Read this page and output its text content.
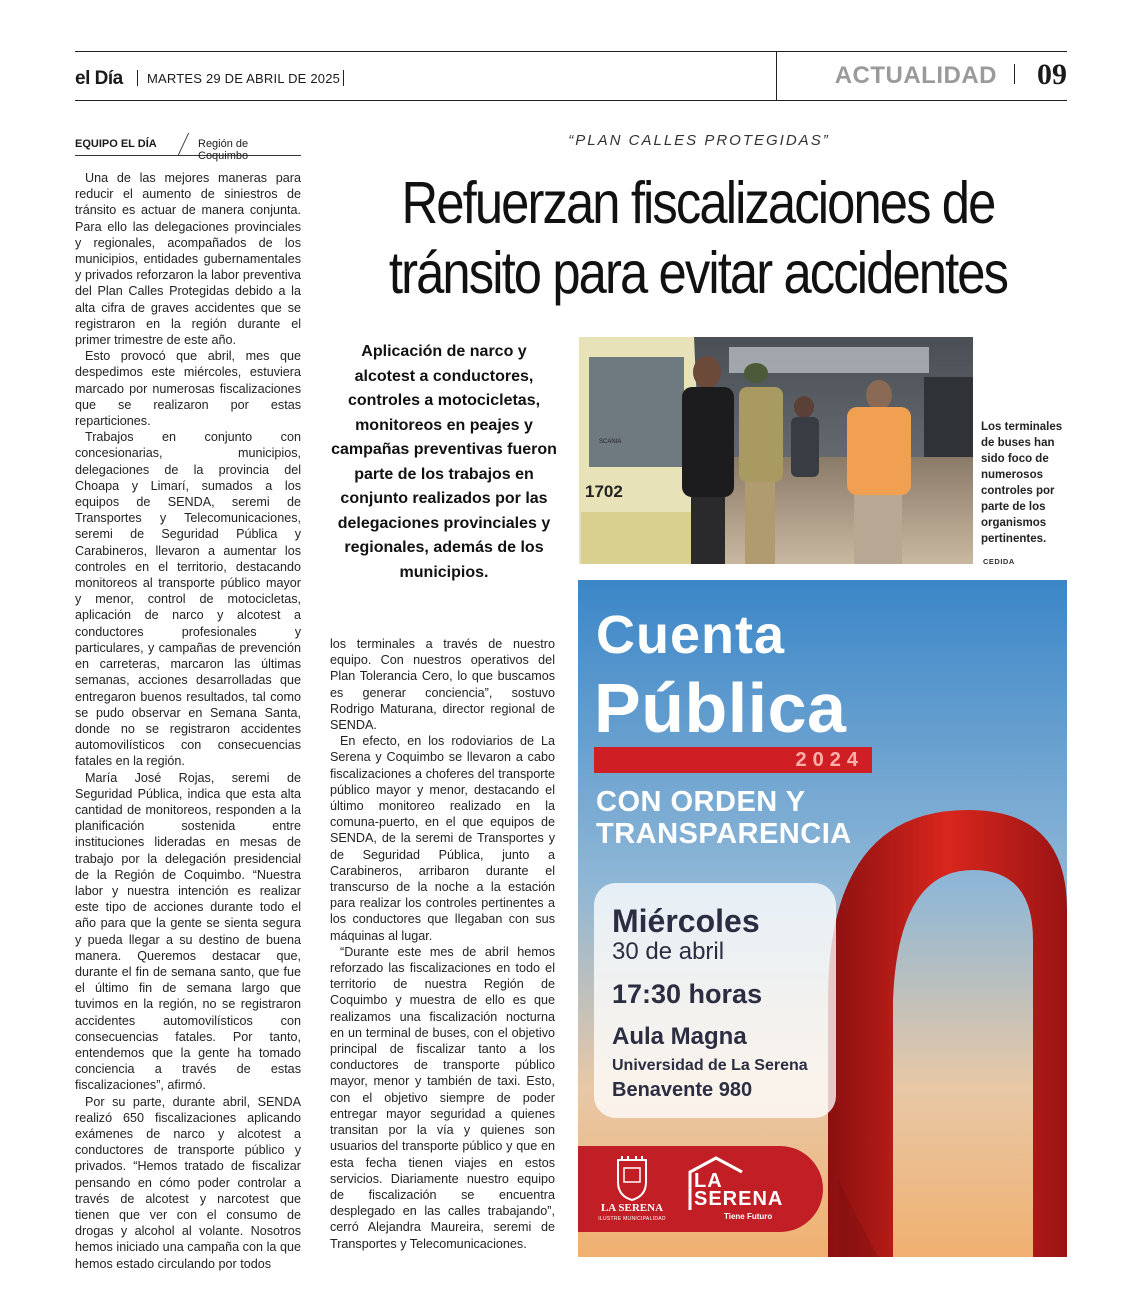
el Día MARTES 29 DE ABRIL DE 2025	ACTUALIDAD 09
EQUIPO EL DÍA	Región de Coquimbo
“PLAN CALLES PROTEGIDAS”
Refuerzan fiscalizaciones de
tránsito para evitar accidentes

Una de las mejores maneras para reducir el aumento de siniestros de tránsito es actuar de manera conjunta. Para ello las delegaciones provinciales y regionales, acompañados de los municipios, entidades gubernamentales y privados reforzaron la labor preventiva del Plan Calles Protegidas debido a la alta cifra de graves accidentes que se registraron en la región durante el primer trimestre de este año.

Esto provocó que abril, mes que despedimos este miércoles, estuviera marcado por numerosas fiscalizaciones que se realizaron por estas reparticiones.

Trabajos en conjunto con concesionarias, municipios, delegaciones de la provincia del Choapa y Limarí, sumados a los equipos de SENDA, seremi de Transportes y Telecomunicaciones, seremi de Seguridad Pública y Carabineros, llevaron a aumentar los controles en el territorio, destacando monitoreos al transporte público mayor y menor, control de motocicletas, aplicación de narco y alcotest a conductores profesionales y particulares, y campañas de prevención en carreteras, marcaron las últimas semanas, acciones desarrolladas que entregaron buenos resultados, tal como se pudo observar en Semana Santa, donde no se registraron accidentes automovilísticos con consecuencias fatales en la región.

María José Rojas, seremi de Seguridad Pública, indica que esta alta cantidad de monitoreos, responden a la planificación sostenida entre instituciones lideradas en mesas de trabajo por la delegación presidencial de la Región de Coquimbo. “Nuestra labor y nuestra intención es realizar este tipo de acciones durante todo el año para que la gente se sienta segura y pueda llegar a su destino de buena manera. Queremos destacar que, durante el fin de semana santo, que fue el último fin de semana largo que tuvimos en la región, no se registraron accidentes automovilísticos con consecuencias fatales. Por tanto, entendemos que la gente ha tomado conciencia a través de estas fiscalizaciones”, afirmó.

Por su parte, durante abril, SENDA realizó 650 fiscalizaciones aplicando exámenes de narco y alcotest a conductores de transporte público y privados. “Hemos tratado de fiscalizar pensando en cómo poder controlar a través de alcotest y narcotest que tienen que ver con el consumo de drogas y alcohol al volante. Nosotros hemos iniciado una campaña con la que hemos estado circulando por todos

Aplicación de narco y alcotest a conductores, controles a motocicletas, monitoreos en peajes y campañas preventivas fueron parte de los trabajos en conjunto realizados por las delegaciones provinciales y regionales, además de los municipios.

los terminales a través de nuestro equipo. Con nuestros operativos del Plan Tolerancia Cero, lo que buscamos es generar conciencia”, sostuvo Rodrigo Maturana, director regional de SENDA.

En efecto, en los rodoviarios de La Serena y Coquimbo se llevaron a cabo fiscalizaciones a choferes del transporte público mayor y menor, destacando el último monitoreo realizado en la comuna-puerto, en el que equipos de SENDA, de la seremi de Transportes y de Seguridad Pública, junto a Carabineros, arribaron durante el transcurso de la noche a la estación para realizar los controles pertinentes a los conductores que llegaban con sus máquinas al lugar.

“Durante este mes de abril hemos reforzado las fiscalizaciones en todo el territorio de nuestra Región de Coquimbo y muestra de ello es que realizamos una fiscalización nocturna en un terminal de buses, con el objetivo principal de fiscalizar tanto a los conductores de transporte público mayor, menor y también de taxi. Esto, con el objetivo siempre de poder entregar mayor seguridad a quienes transitan por la vía y quienes son usuarios del transporte público y que en esta fecha tienen viajes en estos servicios. Diariamente nuestro equipo de fiscalización se encuentra desplegado en las calles trabajando”, cerró Alejandra Maureira, seremi de Transportes y Telecomunicaciones.

1702
SCANIA
Los terminales de buses han sido foco de numerosos controles por parte de los organismos pertinentes.
CEDIDA
Cuenta
Pública
2024
CON ORDEN Y
TRANSPARENCIA
Miércoles
30 de abril
17:30 horas
Aula Magna
Universidad de La Serena
Benavente 980
LA SERENA
ILUSTRE MUNICIPALIDAD
LA
SERENA
Tiene Futuro
